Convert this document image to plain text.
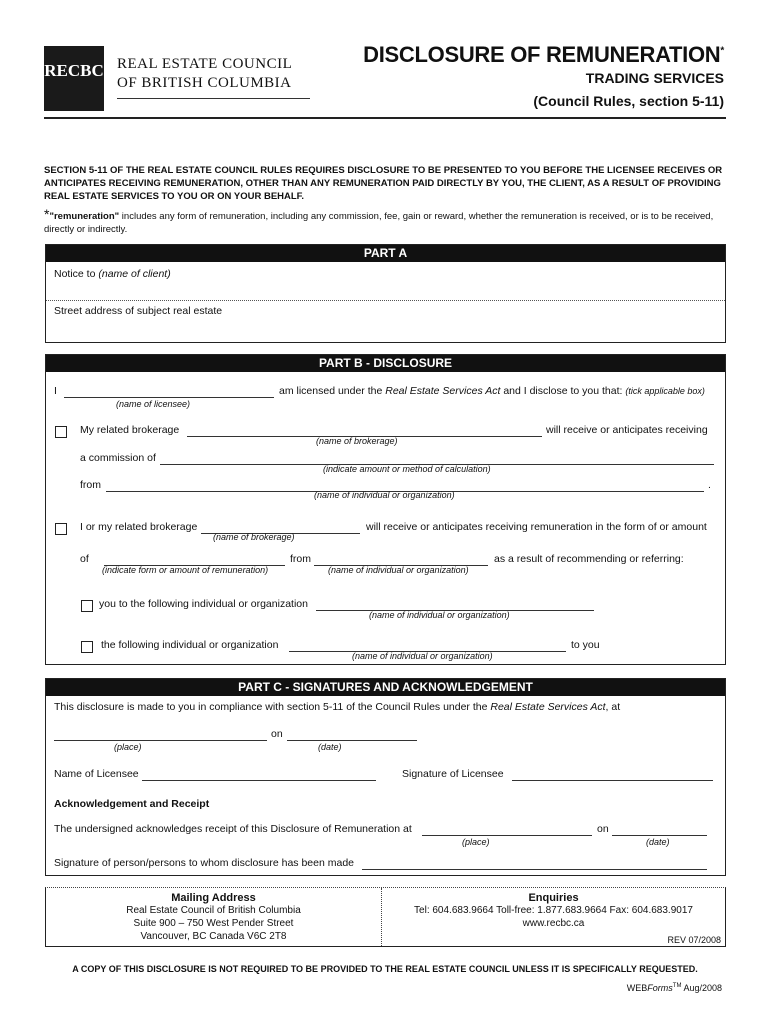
RECBC REAL ESTATE COUNCIL
OF BRITISH COLUMBIA
DISCLOSURE OF REMUNERATION*
TRADING SERVICES
(Council Rules, section 5-11)
SECTION 5-11 OF THE REAL ESTATE COUNCIL RULES REQUIRES DISCLOSURE TO BE PRESENTED TO YOU BEFORE THE LICENSEE RECEIVES OR ANTICIPATES RECEIVING REMUNERATION, OTHER THAN ANY REMUNERATION PAID DIRECTLY BY YOU, THE CLIENT, AS A RESULT OF PROVIDING REAL ESTATE SERVICES TO YOU OR ON YOUR BEHALF.
*"remuneration" includes any form of remuneration, including any commission, fee, gain or reward, whether the remuneration is received, or is to be received, directly or indirectly.
PART A
Notice to (name of client)
Street address of subject real estate
PART B - DISCLOSURE
I	am licensed under the Real Estate Services Act and I disclose to you that: (tick applicable box)
(name of licensee)
My related brokerage	will receive or anticipates receiving
(name of brokerage)
a commission of
(indicate amount or method of calculation)
from	.
(name of individual or organization)
I or my related brokerage	will receive or anticipates receiving remuneration in the form of or amount
(name of brokerage)
of	from	as a result of recommending or referring:
(indicate form or amount of remuneration)	(name of individual or organization)
you to the following individual or organization
(name of individual or organization)
the following individual or organization	to you
(name of individual or organization)
PART C - SIGNATURES AND ACKNOWLEDGEMENT
This disclosure is made to you in compliance with section 5-11 of the Council Rules under the Real Estate Services Act, at
on
(place)	(date)
Name of Licensee	Signature of Licensee
Acknowledgement and Receipt
The undersigned acknowledges receipt of this Disclosure of Remuneration at	on
(place)	(date)
Signature of person/persons to whom disclosure has been made
Mailing Address
Real Estate Council of British Columbia
Suite 900 – 750 West Pender Street
Vancouver, BC Canada V6C 2T8
Enquiries
Tel: 604.683.9664 Toll-free: 1.877.683.9664 Fax: 604.683.9017
www.recbc.ca
REV 07/2008
A COPY OF THIS DISCLOSURE IS NOT REQUIRED TO BE PROVIDED TO THE REAL ESTATE COUNCIL UNLESS IT IS SPECIFICALLY REQUESTED.
WEBForms™ Aug/2008
